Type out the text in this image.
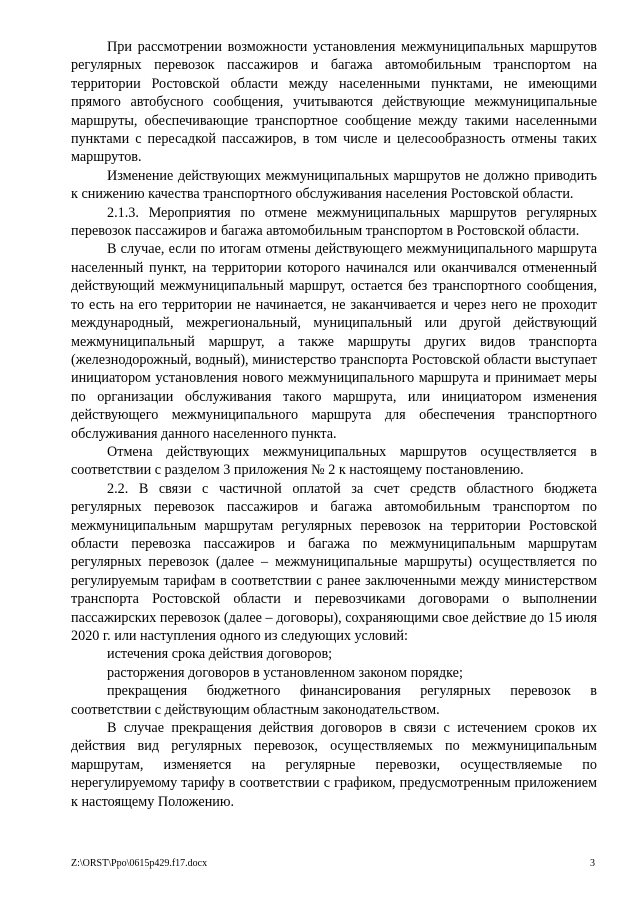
При рассмотрении возможности установления межмуниципальных маршрутов регулярных перевозок пассажиров и багажа автомобильным транспортом на территории Ростовской области между населенными пунктами, не имеющими прямого автобусного сообщения, учитываются действующие межмуниципальные маршруты, обеспечивающие транспортное сообщение между такими населенными пунктами с пересадкой пассажиров, в том числе и целесообразность отмены таких маршрутов.

Изменение действующих межмуниципальных маршрутов не должно приводить к снижению качества транспортного обслуживания населения Ростовской области.

2.1.3. Мероприятия по отмене межмуниципальных маршрутов регулярных перевозок пассажиров и багажа автомобильным транспортом в Ростовской области.

В случае, если по итогам отмены действующего межмуниципального маршрута населенный пункт, на территории которого начинался или оканчивался отмененный действующий межмуниципальный маршрут, остается без транспортного сообщения, то есть на его территории не начинается, не заканчивается и через него не проходит международный, межрегиональный, муниципальный или другой действующий межмуниципальный маршрут, а также маршруты других видов транспорта (железнодорожный, водный), министерство транспорта Ростовской области выступает инициатором установления нового межмуниципального маршрута и принимает меры по организации обслуживания такого маршрута, или инициатором изменения действующего межмуниципального маршрута для обеспечения транспортного обслуживания данного населенного пункта.

Отмена действующих межмуниципальных маршрутов осуществляется в соответствии с разделом 3 приложения № 2 к настоящему постановлению.

2.2. В связи с частичной оплатой за счет средств областного бюджета регулярных перевозок пассажиров и багажа автомобильным транспортом по межмуниципальным маршрутам регулярных перевозок на территории Ростовской области перевозка пассажиров и багажа по межмуниципальным маршрутам регулярных перевозок (далее – межмуниципальные маршруты) осуществляется по регулируемым тарифам в соответствии с ранее заключенными между министерством транспорта Ростовской области и перевозчиками договорами о выполнении пассажирских перевозок (далее – договоры), сохраняющими свое действие до 15 июля 2020 г. или наступления одного из следующих условий:

истечения срока действия договоров;

расторжения договоров в установленном законом порядке;

прекращения бюджетного финансирования регулярных перевозок в соответствии с действующим областным законодательством.

В случае прекращения действия договоров в связи с истечением сроков их действия вид регулярных перевозок, осуществляемых по межмуниципальным маршрутам, изменяется на регулярные перевозки, осуществляемые по нерегулируемому тарифу в соответствии с графиком, предусмотренным приложением к настоящему Положению.

Z:\ORST\Ppo\0615p429.f17.docx	3
